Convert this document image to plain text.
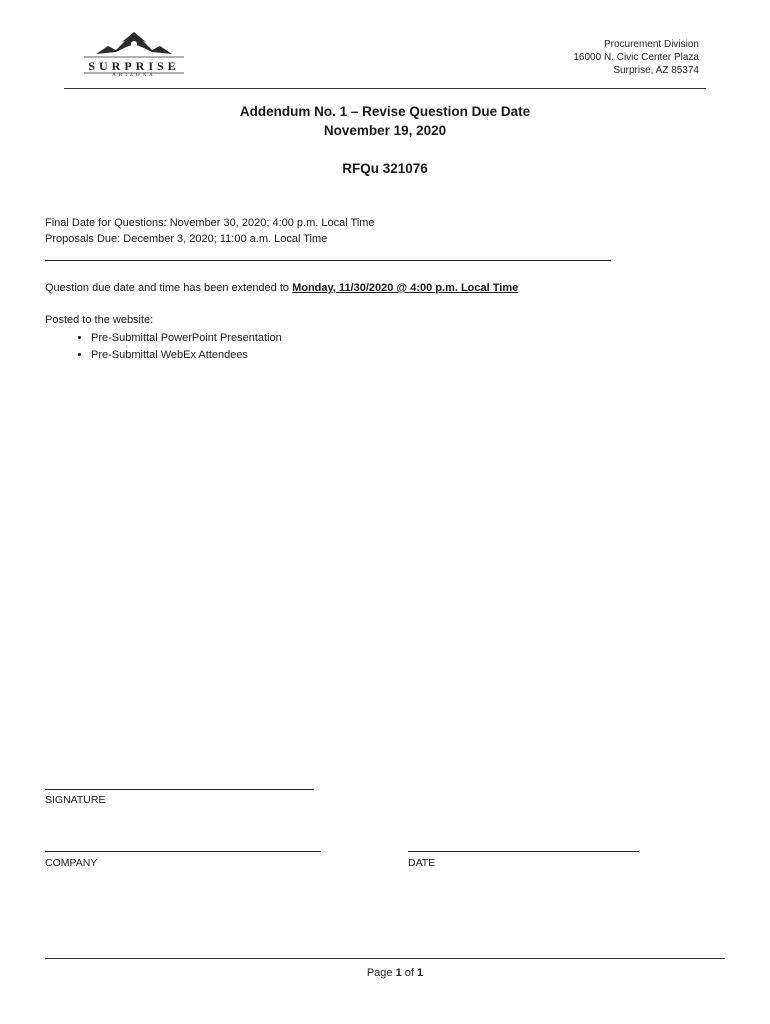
SURPRISE
ARIZONA
Procurement Division
16000 N. Civic Center Plaza
Surprise, AZ 85374
Addendum No. 1 – Revise Question Due Date
November 19, 2020
RFQu 321076
Final Date for Questions: November 30, 2020; 4:00 p.m. Local Time
Proposals Due: December 3, 2020; 11:00 a.m. Local Time
Question due date and time has been extended to Monday, 11/30/2020 @ 4:00 p.m. Local Time
Posted to the website:
• Pre-Submittal PowerPoint Presentation
• Pre-Submittal WebEx Attendees
SIGNATURE
COMPANY	DATE
Page 1 of 1
